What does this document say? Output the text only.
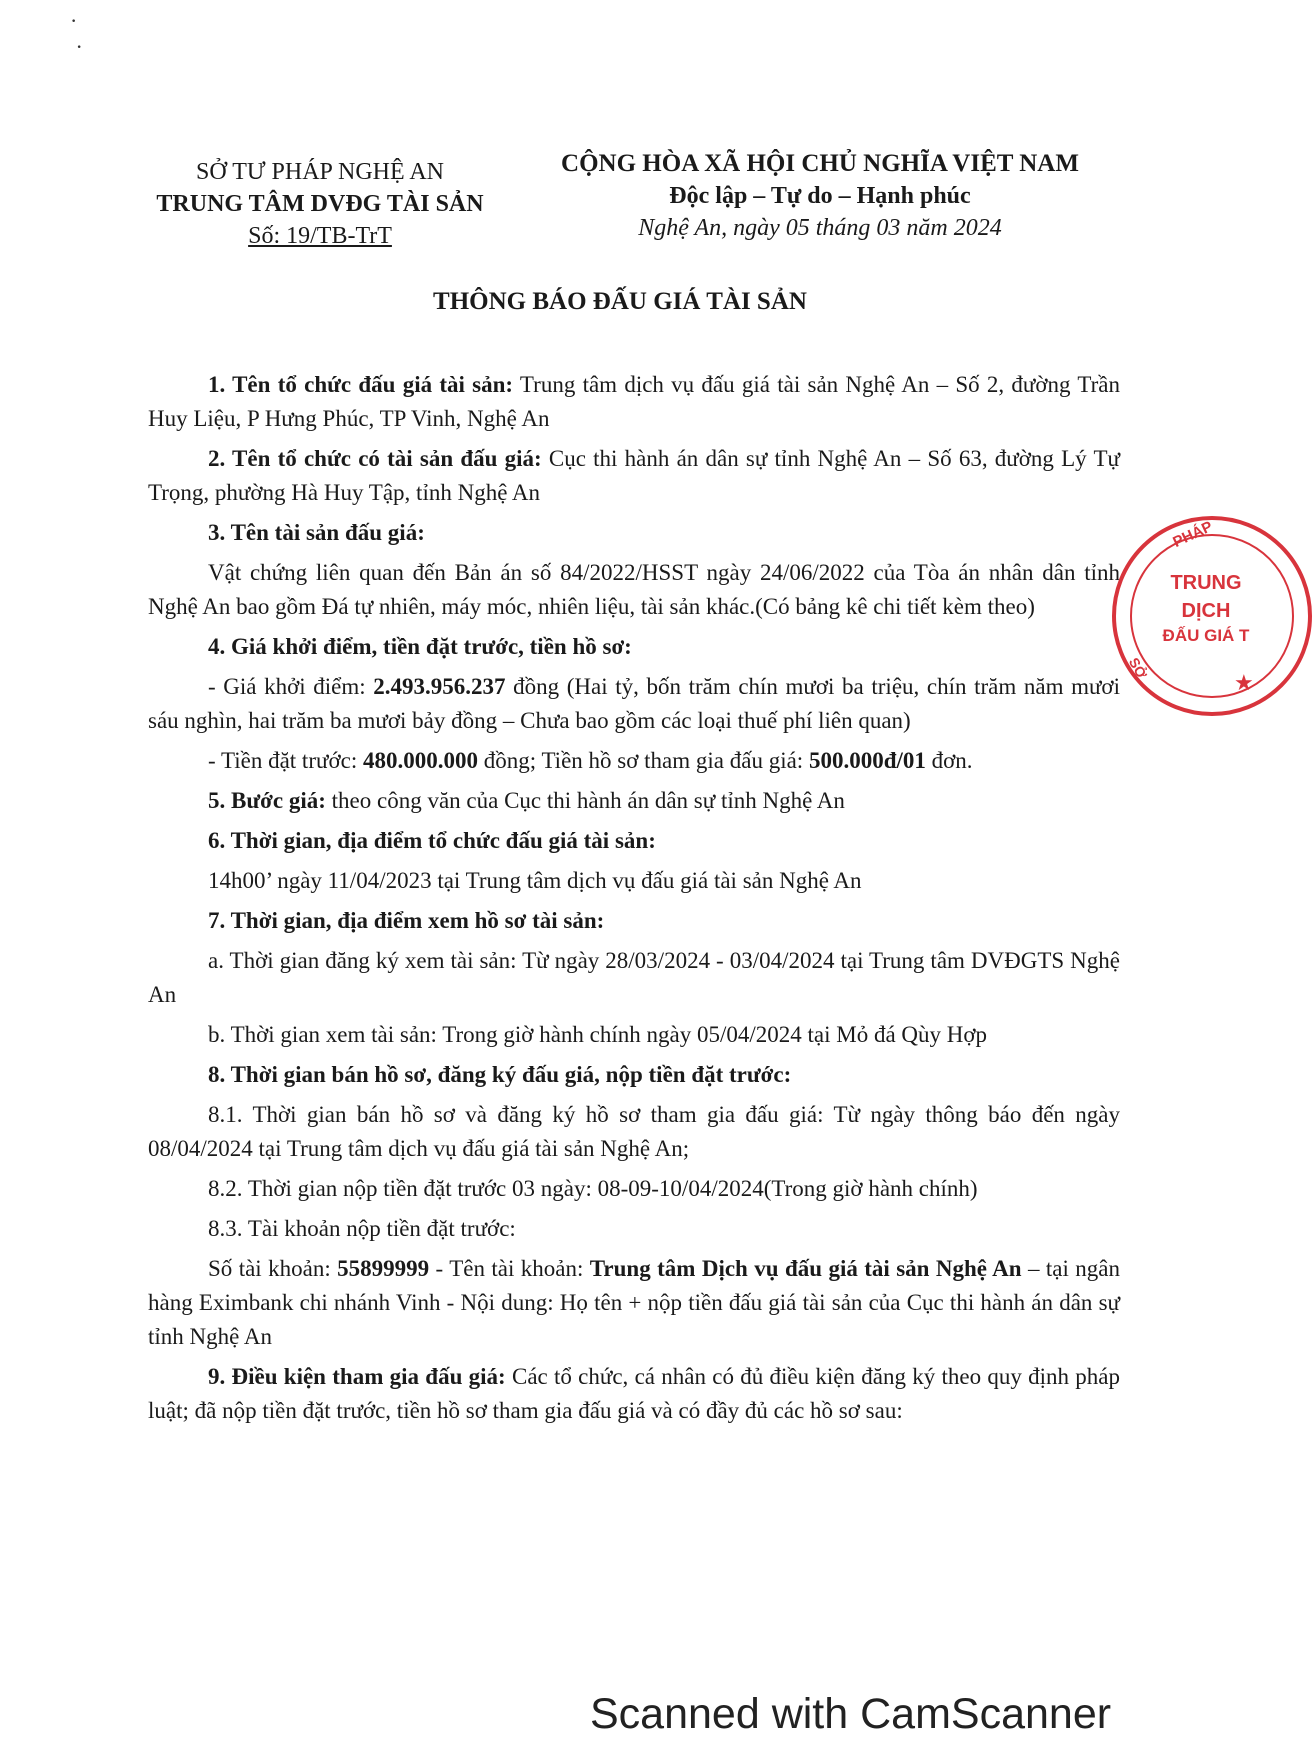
·
·
SỞ TƯ PHÁP NGHỆ AN
TRUNG TÂM DVĐG TÀI SẢN
Số: 19/TB-TrT
CỘNG HÒA XÃ HỘI CHỦ NGHĨA VIỆT NAM
Độc lập – Tự do – Hạnh phúc
Nghệ An, ngày 05 tháng 03 năm 2024
THÔNG BÁO ĐẤU GIÁ TÀI SẢN

1. Tên tổ chức đấu giá tài sản: Trung tâm dịch vụ đấu giá tài sản Nghệ An – Số 2, đường Trần Huy Liệu, P Hưng Phúc, TP Vinh, Nghệ An

2. Tên tổ chức có tài sản đấu giá: Cục thi hành án dân sự tỉnh Nghệ An – Số 63, đường Lý Tự Trọng, phường Hà Huy Tập, tỉnh Nghệ An

3. Tên tài sản đấu giá:

Vật chứng liên quan đến Bản án số 84/2022/HSST ngày 24/06/2022 của Tòa án nhân dân tỉnh Nghệ An bao gồm Đá tự nhiên, máy móc, nhiên liệu, tài sản khác.(Có bảng kê chi tiết kèm theo)

4. Giá khởi điểm, tiền đặt trước, tiền hồ sơ:

- Giá khởi điểm: 2.493.956.237 đồng (Hai tỷ, bốn trăm chín mươi ba triệu, chín trăm năm mươi sáu nghìn, hai trăm ba mươi bảy đồng – Chưa bao gồm các loại thuế phí liên quan)

- Tiền đặt trước: 480.000.000 đồng; Tiền hồ sơ tham gia đấu giá: 500.000đ/01 đơn.

5. Bước giá: theo công văn của Cục thi hành án dân sự tỉnh Nghệ An

6. Thời gian, địa điểm tổ chức đấu giá tài sản:

14h00’ ngày 11/04/2023 tại Trung tâm dịch vụ đấu giá tài sản Nghệ An

7. Thời gian, địa điểm xem hồ sơ tài sản:

a. Thời gian đăng ký xem tài sản: Từ ngày 28/03/2024 - 03/04/2024 tại Trung tâm DVĐGTS Nghệ An

b. Thời gian xem tài sản: Trong giờ hành chính ngày 05/04/2024 tại Mỏ đá Qùy Hợp

8. Thời gian bán hồ sơ, đăng ký đấu giá, nộp tiền đặt trước:

8.1. Thời gian bán hồ sơ và đăng ký hồ sơ tham gia đấu giá: Từ ngày thông báo đến ngày 08/04/2024 tại Trung tâm dịch vụ đấu giá tài sản Nghệ An;

8.2. Thời gian nộp tiền đặt trước 03 ngày: 08-09-10/04/2024(Trong giờ hành chính)

8.3. Tài khoản nộp tiền đặt trước:

Số tài khoản: 55899999 - Tên tài khoản: Trung tâm Dịch vụ đấu giá tài sản Nghệ An – tại ngân hàng Eximbank chi nhánh Vinh - Nội dung: Họ tên + nộp tiền đấu giá tài sản của Cục thi hành án dân sự tỉnh Nghệ An

9. Điều kiện tham gia đấu giá: Các tổ chức, cá nhân có đủ điều kiện đăng ký theo quy định pháp luật; đã nộp tiền đặt trước, tiền hồ sơ tham gia đấu giá và có đầy đủ các hồ sơ sau:

PHÁP
TRUNG
DỊCH
ĐẤU GIÁ T
SỞ
★
Scanned with CamScanner
